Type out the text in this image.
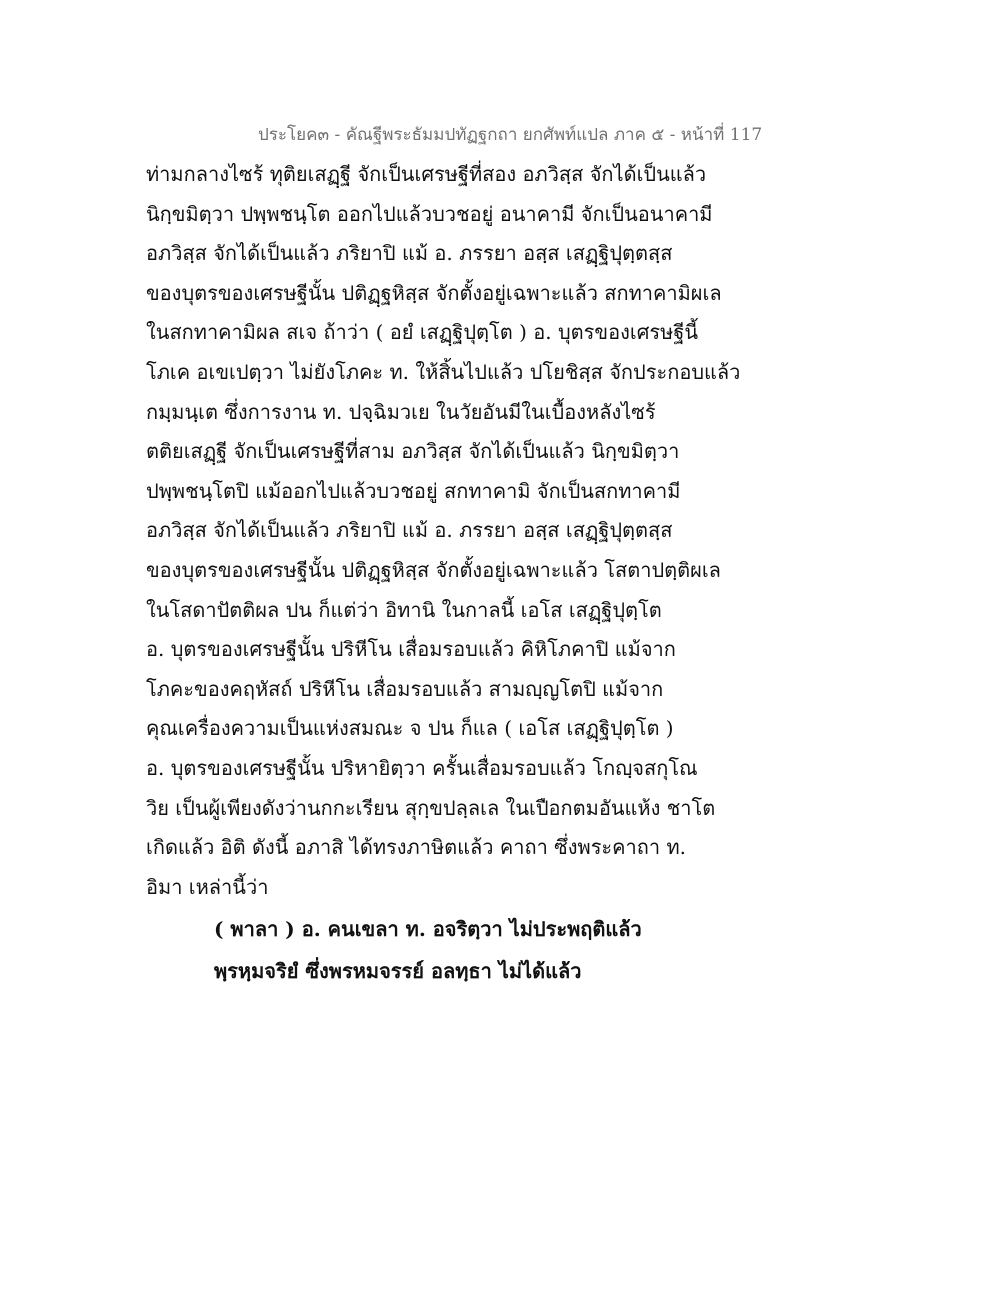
ประโยค๓ - คัณฐีพระธัมมปทัฏฐกถา ยกศัพท์แปล ภาค ๕ - หน้าที่ 117
ท่ามกลางไซร้ ทุติยเสฏฺฐี จักเป็นเศรษฐีที่สอง อภวิสฺส จักได้เป็นแล้ว
นิกฺขมิตฺวา ปพฺพชนฺโต ออกไปแล้วบวชอยู่ อนาคามี จักเป็นอนาคามี
อภวิสฺส จักได้เป็นแล้ว ภริยาปิ แม้ อ. ภรรยา อสฺส เสฏฺฐิปุตฺตสฺส
ของบุตรของเศรษฐีนั้น ปติฏฺฐหิสฺส จักตั้งอยู่เฉพาะแล้ว สกทาคามิผเล
ในสกทาคามิผล สเจ ถ้าว่า ( อยํ เสฏฺฐิปุตฺโต ) อ. บุตรของเศรษฐีนี้
โภเค อเขเปตฺวา ไม่ยังโภคะ ท. ให้สิ้นไปแล้ว ปโยชิสฺส จักประกอบแล้ว
กมฺมนฺเต ซึ่งการงาน ท. ปจฺฉิมวเย ในวัยอันมีในเบื้องหลังไซร้
ตติยเสฏฺฐี จักเป็นเศรษฐีที่สาม อภวิสฺส จักได้เป็นแล้ว นิกฺขมิตฺวา
ปพฺพชนฺโตปิ แม้ออกไปแล้วบวชอยู่ สกทาคามิ จักเป็นสกทาคามี
อภวิสฺส จักได้เป็นแล้ว ภริยาปิ แม้ อ. ภรรยา อสฺส เสฏฺฐิปุตฺตสฺส
ของบุตรของเศรษฐีนั้น ปติฏฺฐหิสฺส จักตั้งอยู่เฉพาะแล้ว โสตาปตฺติผเล
ในโสดาปัตติผล ปน ก็แต่ว่า อิทานิ ในกาลนี้ เอโส เสฏฺฐิปุตฺโต
อ. บุตรของเศรษฐีนั้น ปริหีโน เสื่อมรอบแล้ว คิหิโภคาปิ แม้จาก
โภคะของคฤหัสถ์ ปริหีโน เสื่อมรอบแล้ว สามญฺญโตปิ แม้จาก
คุณเครื่องความเป็นแห่งสมณะ จ ปน ก็แล ( เอโส เสฏฺฐิปุตฺโต )
อ. บุตรของเศรษฐีนั้น ปริหายิตฺวา ครั้นเสื่อมรอบแล้ว โกญฺจสกุโณ
วิย เป็นผู้เพียงดังว่านกกะเรียน สุกฺขปลฺลเล ในเปือกตมอันแห้ง ชาโต
เกิดแล้ว อิติ ดังนี้ อภาสิ ได้ทรงภาษิตแล้ว คาถา ซึ่งพระคาถา ท.
อิมา เหล่านี้ว่า
( พาลา ) อ. คนเขลา ท. อจริตฺวา ไม่ประพฤติแล้ว
พฺรหฺมจริยํ ซึ่งพรหมจรรย์ อลทฺธา ไม่ได้แล้ว
